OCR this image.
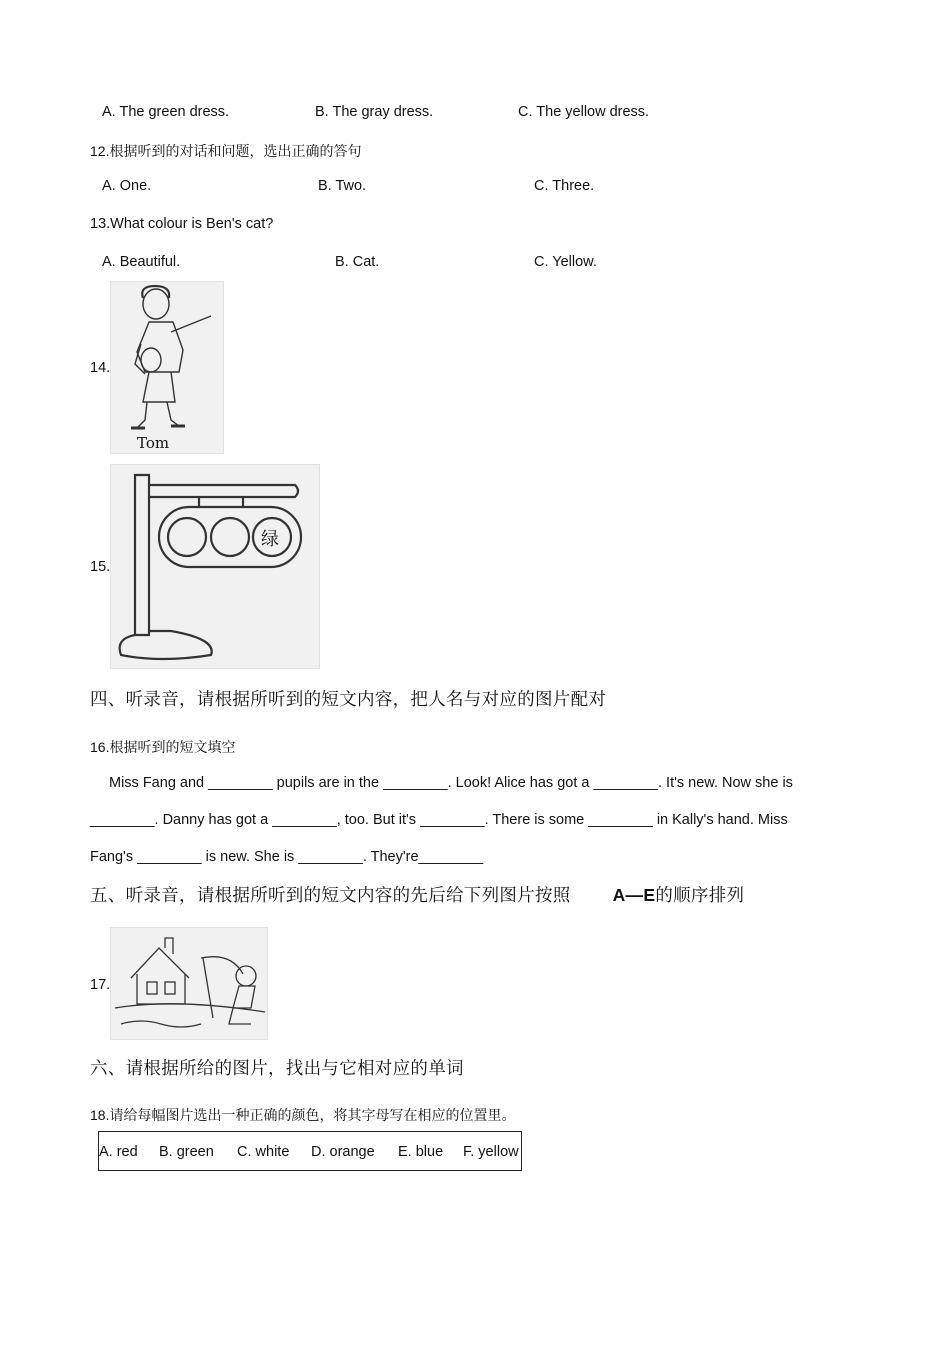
A. The green dress.	B. The gray dress.	C. The yellow dress.
12.根据听到的对话和问题，选出正确的答句
A. One.	B. Two.	C. Three.
13.What colour is Ben's cat?
A. Beautiful.	B. Cat.	C. Yellow.
14.
Tom
15.
绿
四、听录音，请根据所听到的短文内容，把人名与对应的图片配对
16.根据听到的短文填空
Miss Fang and ________ pupils are in the ________. Look! Alice has got a ________. It's new. Now she is
________. Danny has got a ________, too. But it's ________. There is some ________ in Kally's hand. Miss
Fang's ________ is new. She is ________. They're________
五、听录音，请根据所听到的短文内容的先后给下列图片按照 A—E的顺序排列
17.
六、请根据所给的图片，找出与它相对应的单词
18.请给每幅图片选出一种正确的颜色，将其字母写在相应的位置里。
A. red B. green C. white D. orange E. blue F. yellow
